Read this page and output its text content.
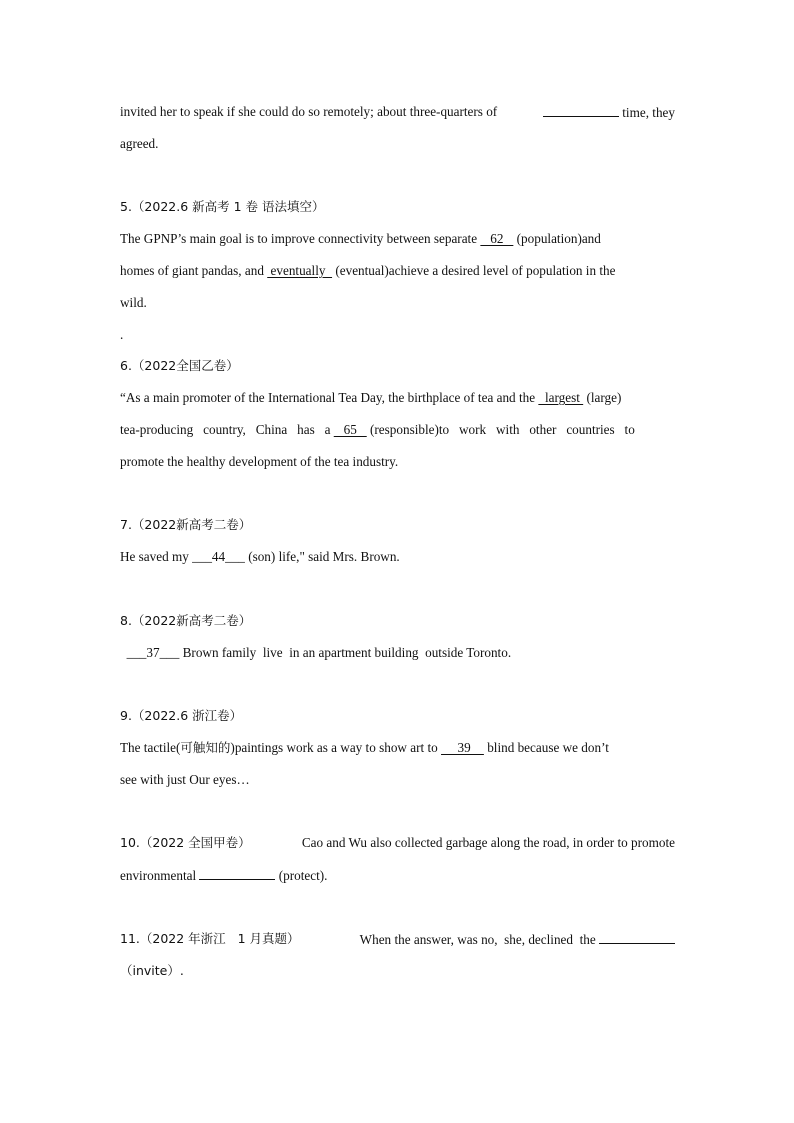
invited her to speak if she could do so remotely; about three-quarters of	time, they
agreed.
5.（2022.6 新高考 1 卷 语法填空）
The GPNP’s main goal is to improve connectivity between separate    62    (population)and
homes of giant pandas, and  eventually   (eventual)achieve a desired level of population in the
wild.
.
6.（2022全国乙卷）
“As a main promoter of the International Tea Day, the birthplace of tea and the   largest  (large)
tea-producing   country,   China   has   a    65    (responsible)to   work   with   other   countries   to
promote the healthy development of the tea industry.
7.（2022新高考二卷）
He saved my ___44___ (son) life," said Mrs. Brown.
8.（2022新高考二卷）
___37___ Brown family  live  in an apartment building  outside Toronto.
9.（2022.6 浙江卷）
The tactile(可触知的)paintings work as a way to show art to      39     blind because we don’t
see with just Our eyes…
10.（2022 全国甲卷）	Cao and Wu also collected garbage along the road, in order to promote
environmental	(protect).
11.（2022 年浙江   1 月真题）	When the answer, was no,  she, declined  the
（invite）.
